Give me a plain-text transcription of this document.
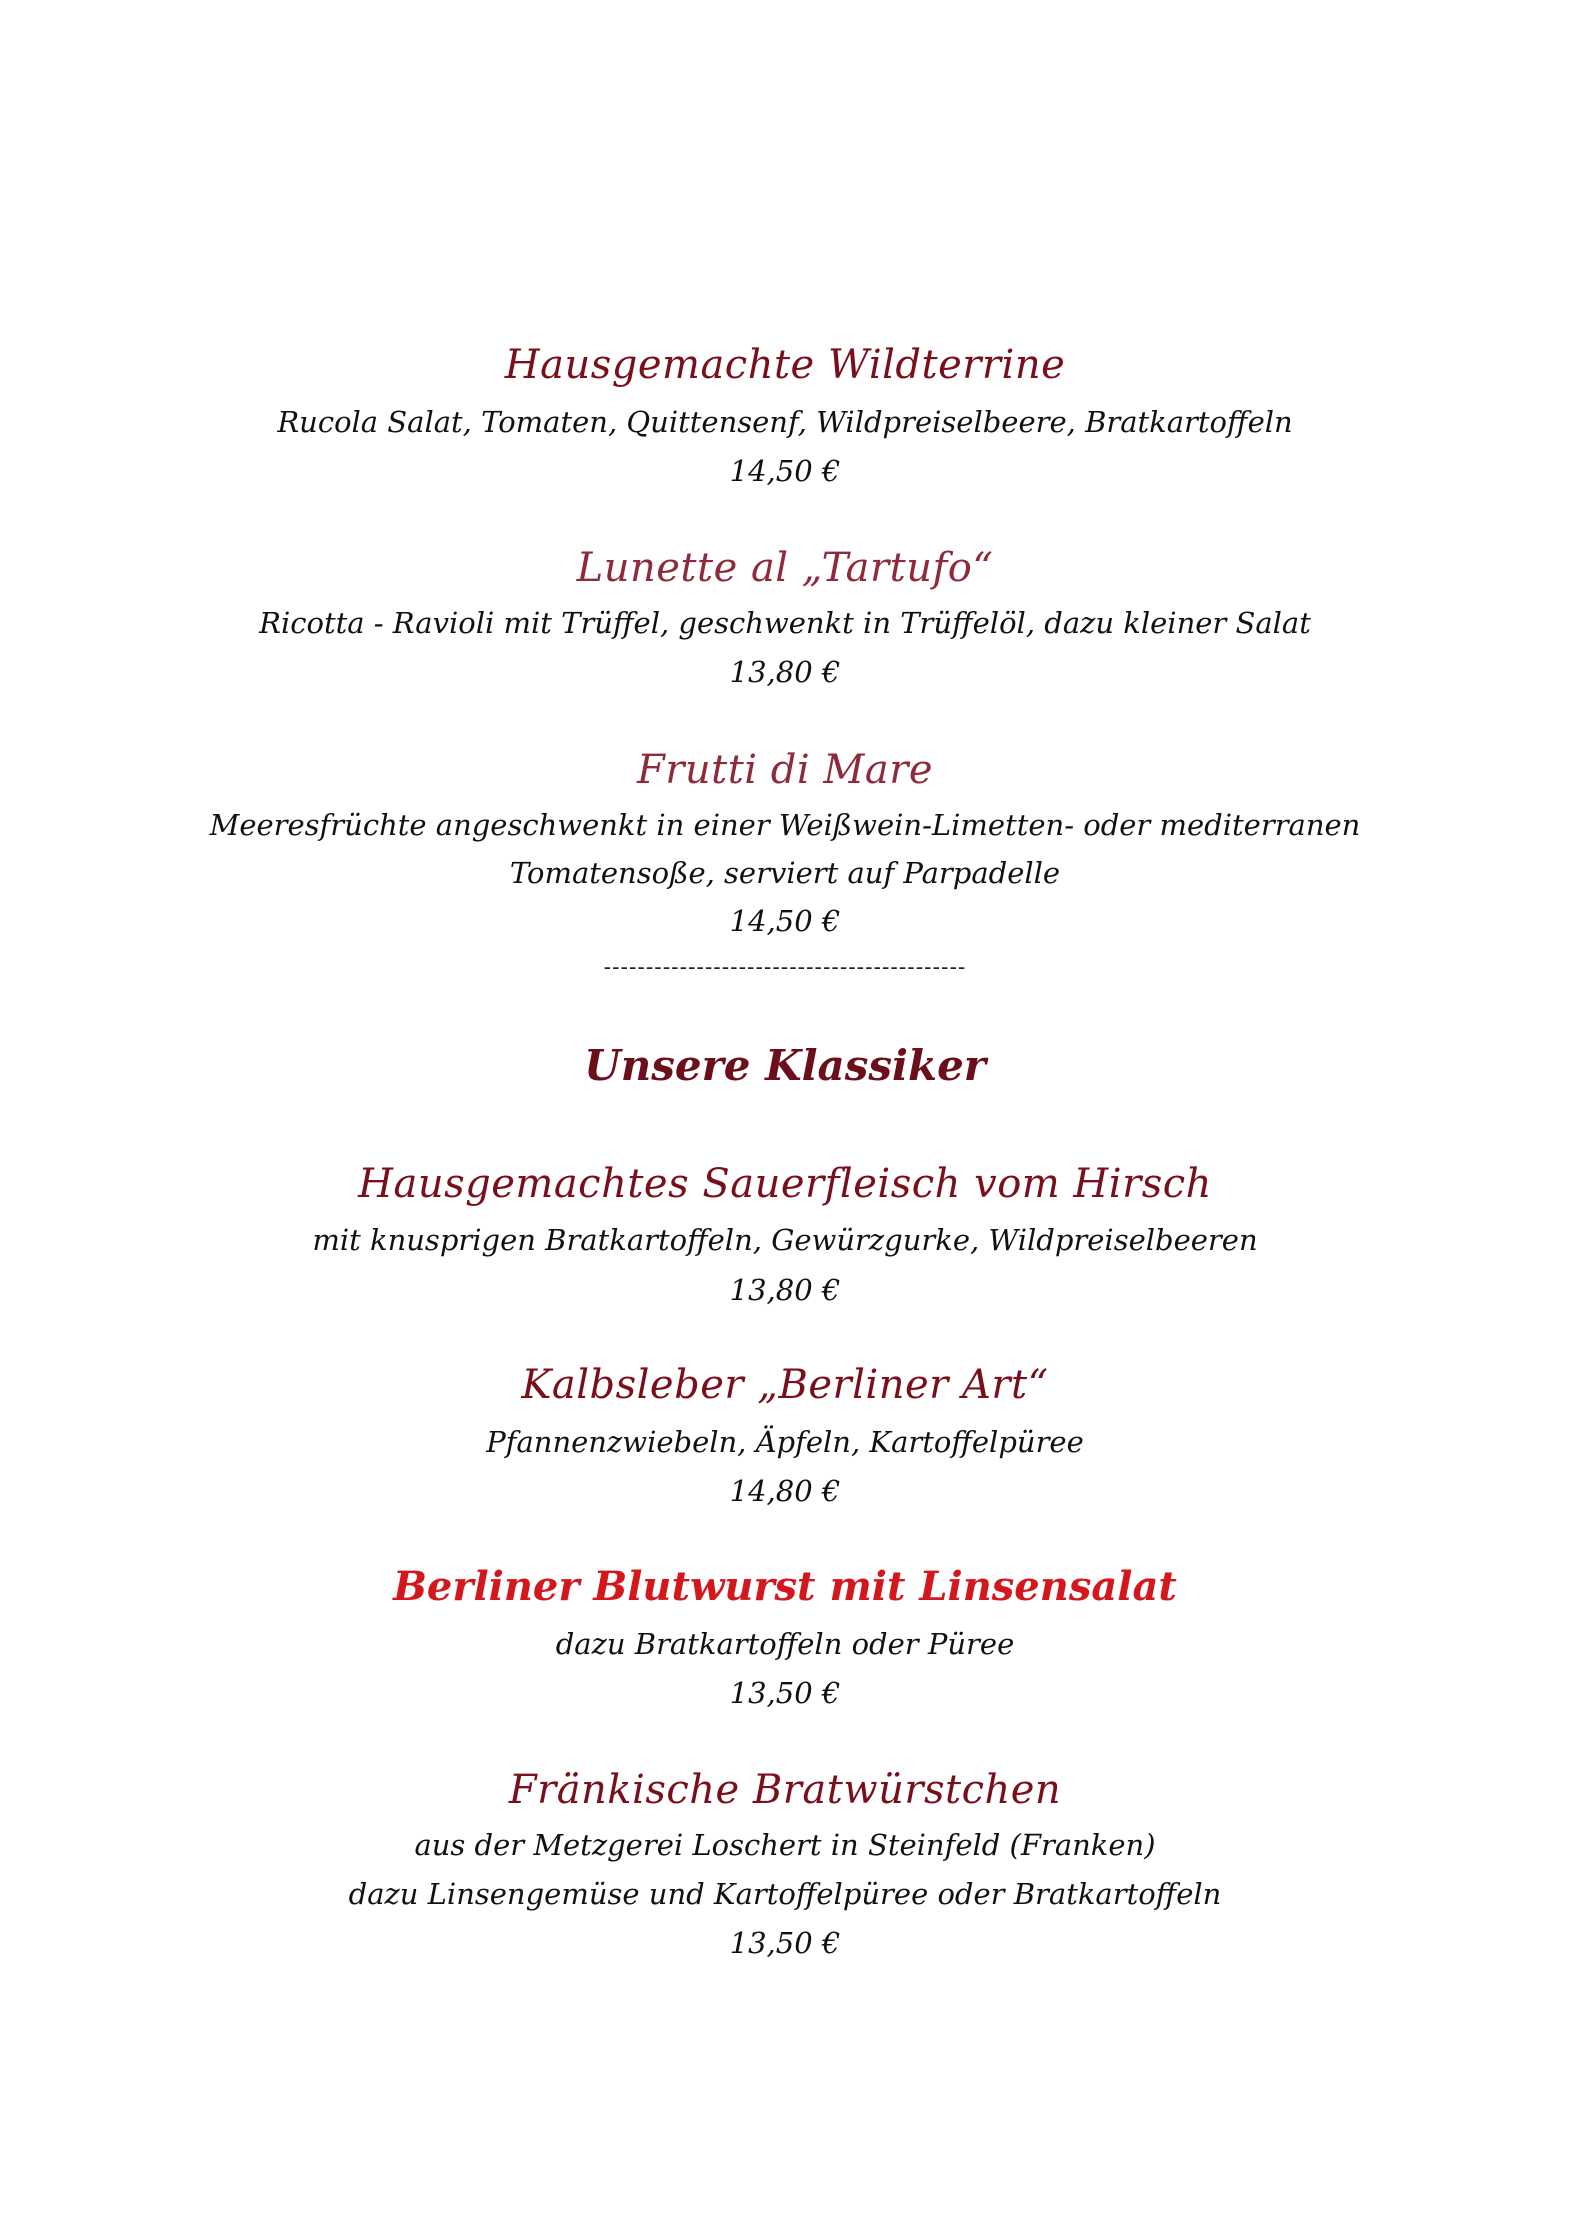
Hausgemachte Wildterrine
Rucola Salat, Tomaten, Quittensenf, Wildpreiselbeere, Bratkartoffeln
14,50 €
Lunette al „Tartufo“
Ricotta - Ravioli mit Trüffel, geschwenkt in Trüffelöl, dazu kleiner Salat
13,80 €
Frutti di Mare
Meeresfrüchte angeschwenkt in einer Weißwein-Limetten- oder mediterranen
Tomatensoße, serviert auf Parpadelle
14,50 €
-------------------------------------------
Unsere Klassiker
Hausgemachtes Sauerfleisch vom Hirsch
mit knusprigen Bratkartoffeln, Gewürzgurke, Wildpreiselbeeren
13,80 €
Kalbsleber „Berliner Art“
Pfannenzwiebeln, Äpfeln, Kartoffelpüree
14,80 €
Berliner Blutwurst mit Linsensalat
dazu Bratkartoffeln oder Püree
13,50 €
Fränkische Bratwürstchen
aus der Metzgerei Loschert in Steinfeld (Franken)
dazu Linsengemüse und Kartoffelpüree oder Bratkartoffeln
13,50 €
